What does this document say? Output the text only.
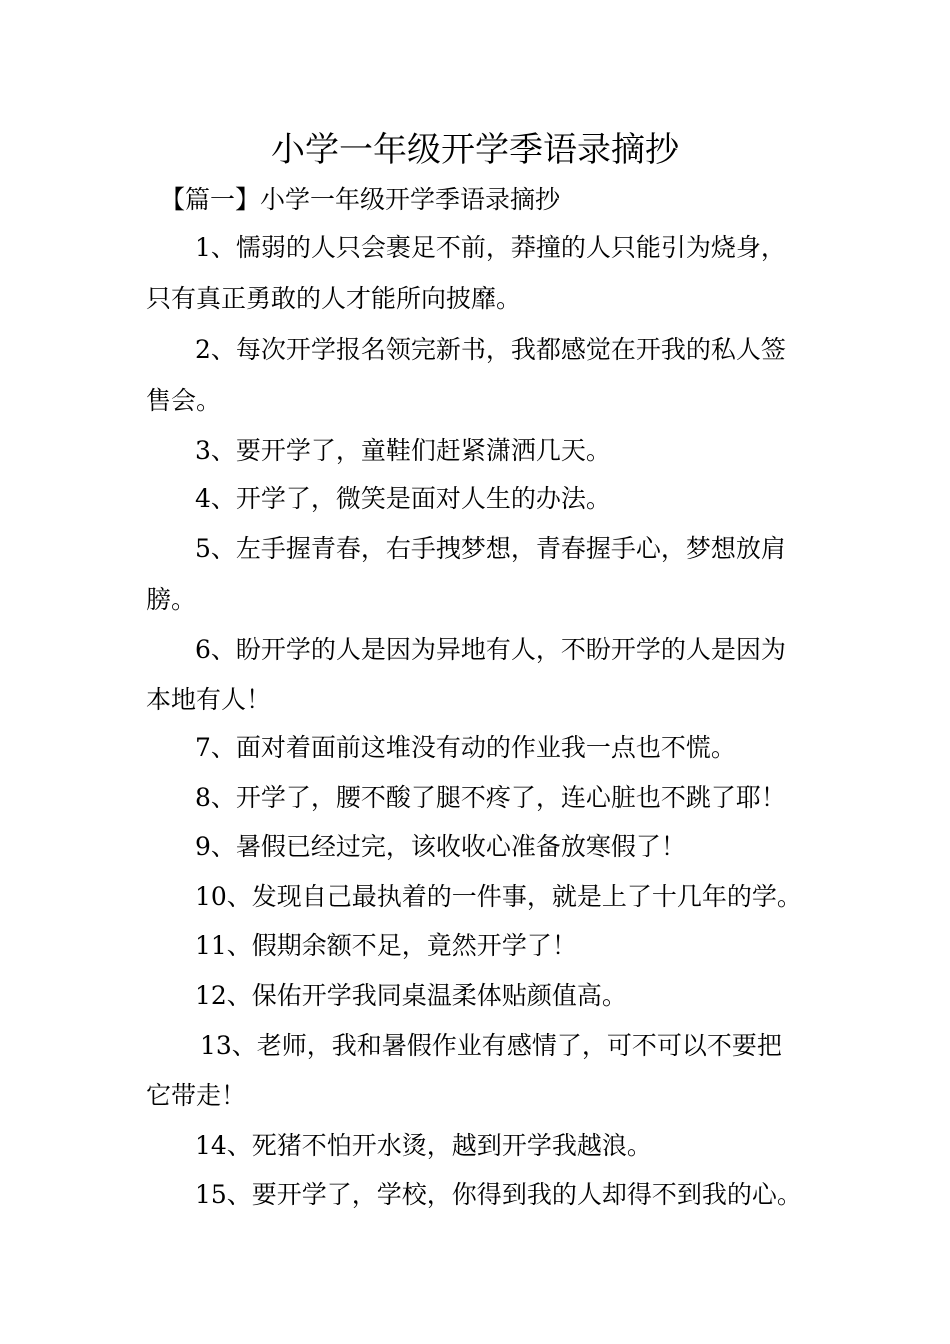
小学一年级开学季语录摘抄
【篇一】小学一年级开学季语录摘抄
1、懦弱的人只会裹足不前，莽撞的人只能引为烧身，
只有真正勇敢的人才能所向披靡。
2、每次开学报名领完新书，我都感觉在开我的私人签
售会。
3、要开学了，童鞋们赶紧潇洒几天。
4、开学了，微笑是面对人生的办法。
5、左手握青春，右手拽梦想，青春握手心，梦想放肩
膀。
6、盼开学的人是因为异地有人，不盼开学的人是因为
本地有人！
7、面对着面前这堆没有动的作业我一点也不慌。
8、开学了，腰不酸了腿不疼了，连心脏也不跳了耶！
9、暑假已经过完，该收收心准备放寒假了！
10、发现自己最执着的一件事，就是上了十几年的学。
11、假期余额不足，竟然开学了！
12、保佑开学我同桌温柔体贴颜值高。
13、老师，我和暑假作业有感情了，可不可以不要把
它带走！
14、死猪不怕开水烫，越到开学我越浪。
15、要开学了，学校，你得到我的人却得不到我的心。
